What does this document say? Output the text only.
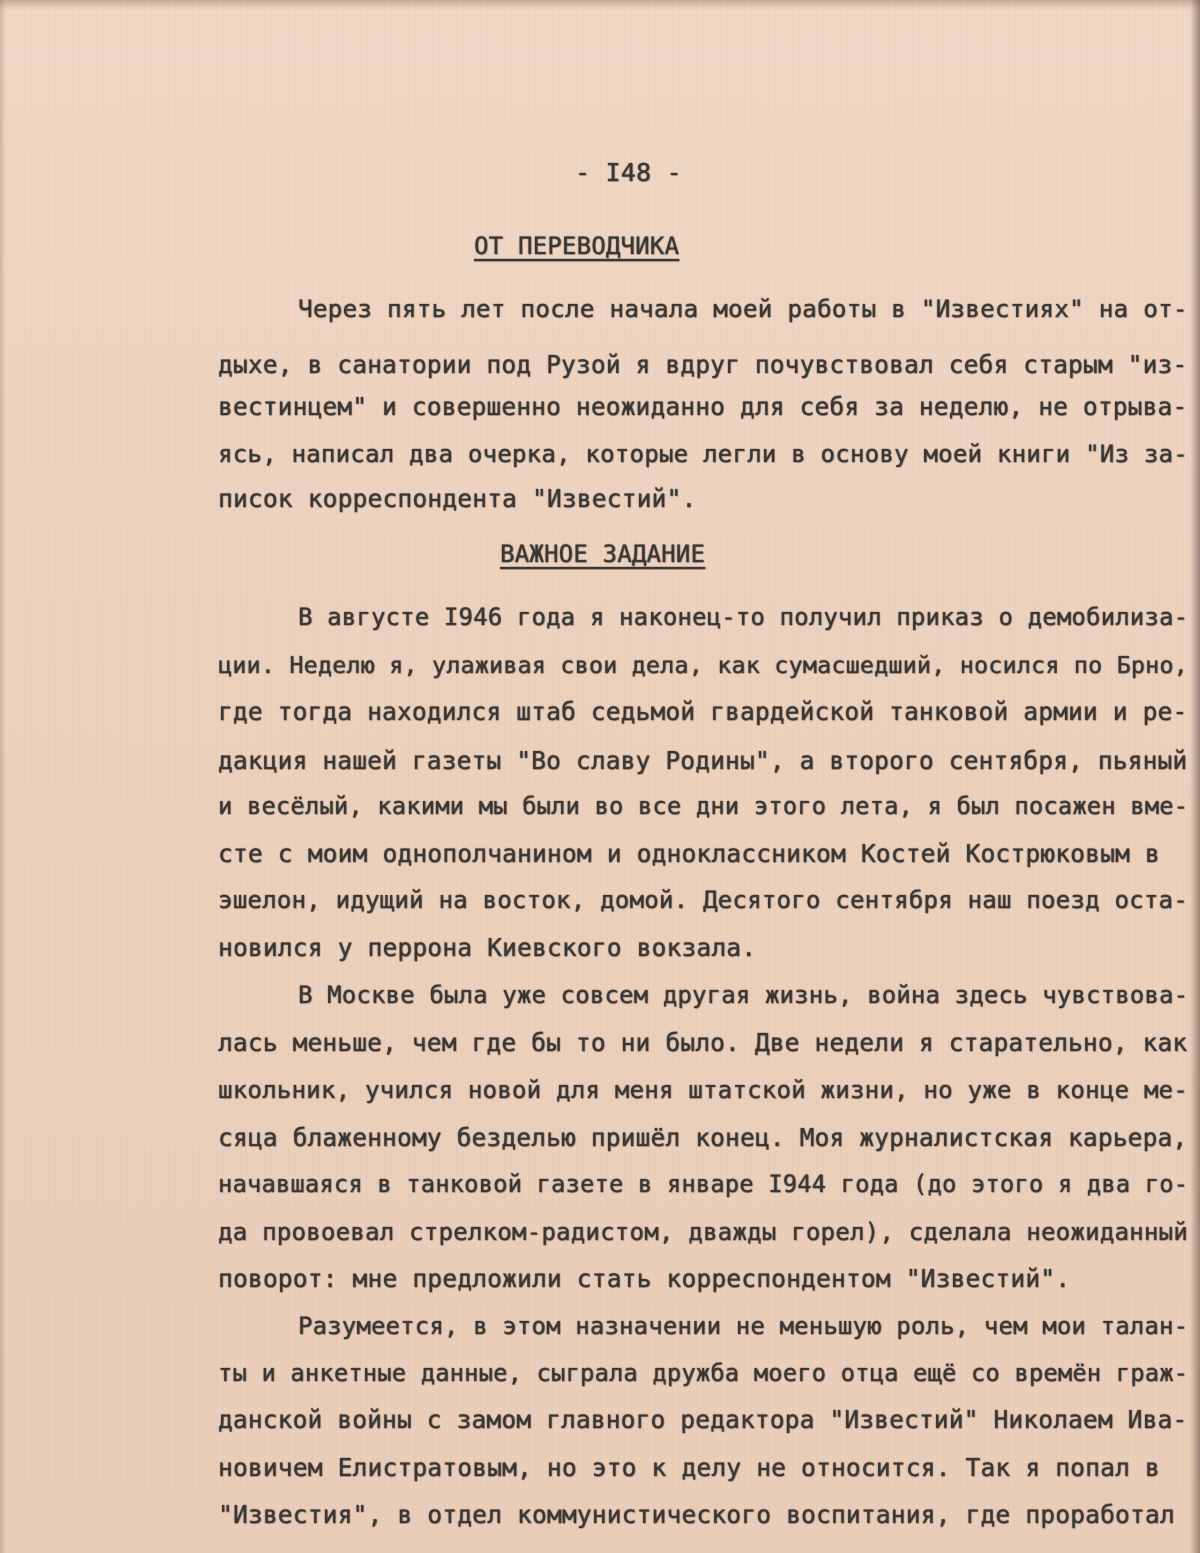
- I48 -

ОТ ПЕРЕВОДЧИКА

Через пять лет после начала моей работы в "Известиях" на от-

дыхе, в санатории под Рузой я вдруг почувствовал себя старым "из-

вестинцем" и совершенно неожиданно для себя за неделю, не отрыва-

ясь, написал два очерка, которые легли в основу моей книги "Из за-

писок корреспондента "Известий".

ВАЖНОЕ ЗАДАНИЕ

В августе I946 года я наконец-то получил приказ о демобилиза-

ции. Неделю я, улаживая свои дела, как сумасшедший, носился по Брно,

где тогда находился штаб седьмой гвардейской танковой армии и ре-

дакция нашей газеты "Во славу Родины", а второго сентября, пьяный

и весёлый, какими мы были во все дни этого лета, я был посажен вме-

сте с моим однополчанином и одноклассником Костей Кострюковым в

эшелон, идущий на восток, домой. Десятого сентября наш поезд оста-

новился у перрона Киевского вокзала.

В Москве была уже совсем другая жизнь, война здесь чувствова-

лась меньше, чем где бы то ни было. Две недели я старательно, как

школьник, учился новой для меня штатской жизни, но уже в конце ме-

сяца блаженному безделью пришёл конец. Моя журналистская карьера,

начавшаяся в танковой газете в январе I944 года (до этого я два го-

да провоевал стрелком-радистом, дважды горел), сделала неожиданный

поворот: мне предложили стать корреспондентом "Известий".

Разумеется, в этом назначении не меньшую роль, чем мои талан-

ты и анкетные данные, сыграла дружба моего отца ещё со времён граж-

данской войны с замом главного редактора "Известий" Николаем Ива-

новичем Елистратовым, но это к делу не относится. Так я попал в

"Известия", в отдел коммунистического воспитания, где проработал
